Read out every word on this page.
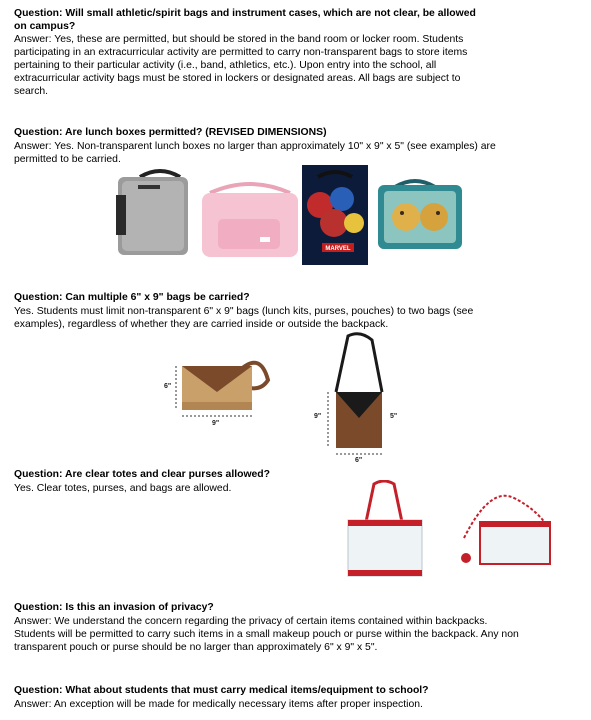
Question: Will small athletic/spirit bags and instrument cases, which are not clear, be allowed
on campus?
Answer: Yes, these are permitted, but should be stored in the band room or locker room. Students
participating in an extracurricular activity are permitted to carry non-transparent bags to store items
pertaining to their particular activity (i.e., band, athletics, etc.). Upon entry into the school, all
extracurricular activity bags must be stored in lockers or designated areas. All bags are subject to
search.
Question: Are lunch boxes permitted? (REVISED DIMENSIONS)
Answer: Yes. Non-transparent lunch boxes no larger than approximately 10" x 9" x 5" (see examples) are
permitted to be carried.
MARVEL
Question: Can multiple 6" x 9" bags be carried?
Yes. Students must limit non-transparent 6" x 9" bags (lunch kits, purses, pouches) to two bags (see
examples), regardless of whether they are carried inside or outside the backpack.
6"
9"
9"	5"
6"
Question: Are clear totes and clear purses allowed?
Yes. Clear totes, purses, and bags are allowed.
Question: Is this an invasion of privacy?
Answer: We understand the concern regarding the privacy of certain items contained within backpacks.
Students will be permitted to carry such items in a small makeup pouch or purse within the backpack. Any non
transparent pouch or purse should be no larger than approximately 6" x 9" x 5".
Question: What about students that must carry medical items/equipment to school?
Answer: An exception will be made for medically necessary items after proper inspection.
